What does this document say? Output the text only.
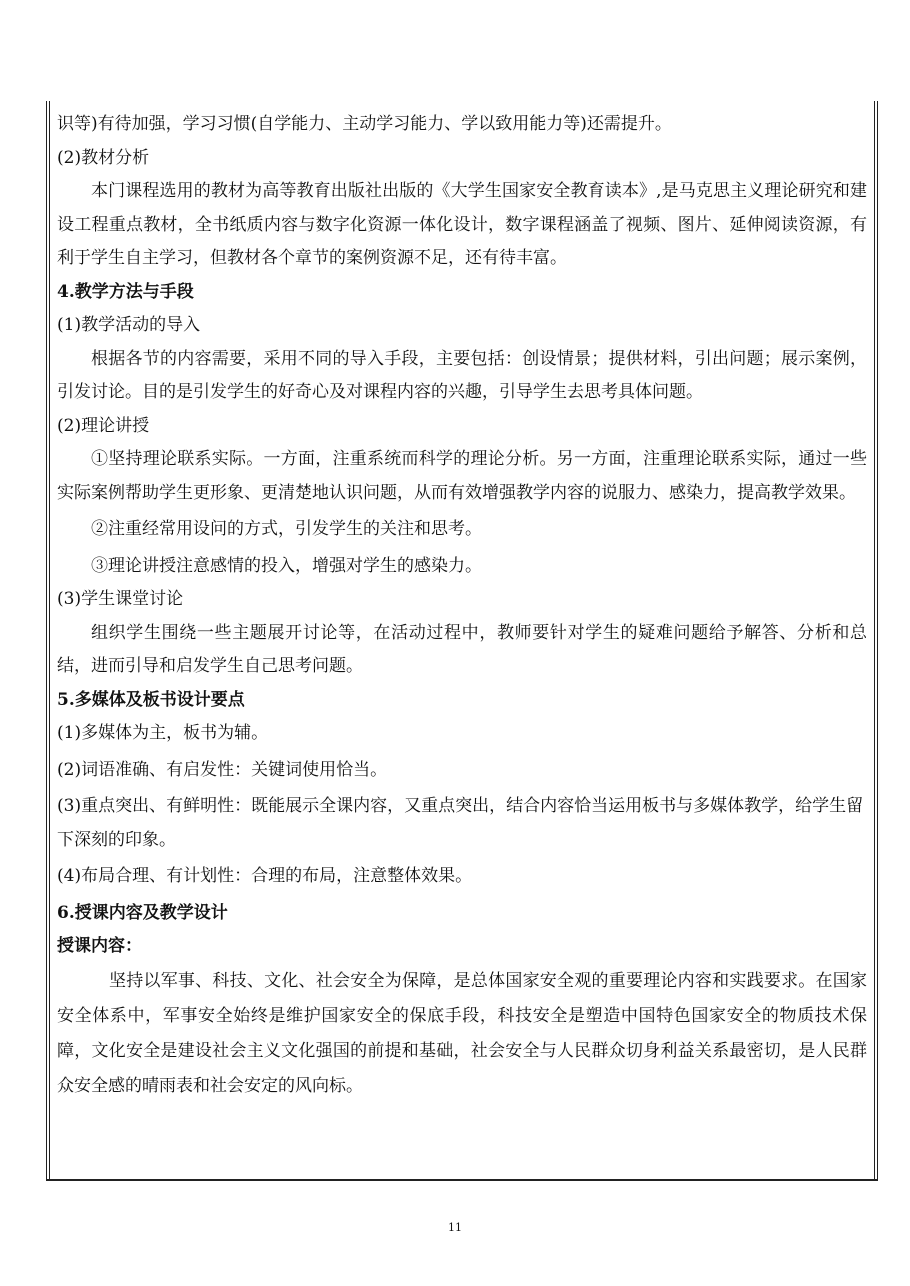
识等)有待加强，学习习惯(自学能力、主动学习能力、学以致用能力等)还需提升。

(2)教材分析

本门课程选用的教材为高等教育出版社出版的《大学生国家安全教育读本》,是马克思主义理论研究和建设工程重点教材，全书纸质内容与数字化资源一体化设计，数字课程涵盖了视频、图片、延伸阅读资源，有利于学生自主学习，但教材各个章节的案例资源不足，还有待丰富。

4.教学方法与手段

(1)教学活动的导入

根据各节的内容需要，采用不同的导入手段，主要包括：创设情景；提供材料，引出问题；展示案例，引发讨论。目的是引发学生的好奇心及对课程内容的兴趣，引导学生去思考具体问题。

(2)理论讲授

①坚持理论联系实际。一方面，注重系统而科学的理论分析。另一方面，注重理论联系实际，通过一些实际案例帮助学生更形象、更清楚地认识问题，从而有效增强教学内容的说服力、感染力，提高教学效果。

②注重经常用设问的方式，引发学生的关注和思考。

③理论讲授注意感情的投入，增强对学生的感染力。

(3)学生课堂讨论

组织学生围绕一些主题展开讨论等，在活动过程中，教师要针对学生的疑难问题给予解答、分析和总结，进而引导和启发学生自己思考问题。

5.多媒体及板书设计要点

(1)多媒体为主，板书为辅。

(2)词语准确、有启发性：关键词使用恰当。

(3)重点突出、有鲜明性：既能展示全课内容，又重点突出，结合内容恰当运用板书与多媒体教学，给学生留下深刻的印象。

(4)布局合理、有计划性：合理的布局，注意整体效果。

6.授课内容及教学设计

授课内容：

坚持以军事、科技、文化、社会安全为保障，是总体国家安全观的重要理论内容和实践要求。在国家安全体系中，军事安全始终是维护国家安全的保底手段，科技安全是塑造中国特色国家安全的物质技术保障，文化安全是建设社会主义文化强国的前提和基础，社会安全与人民群众切身利益关系最密切，是人民群众安全感的晴雨表和社会安定的风向标。

11
